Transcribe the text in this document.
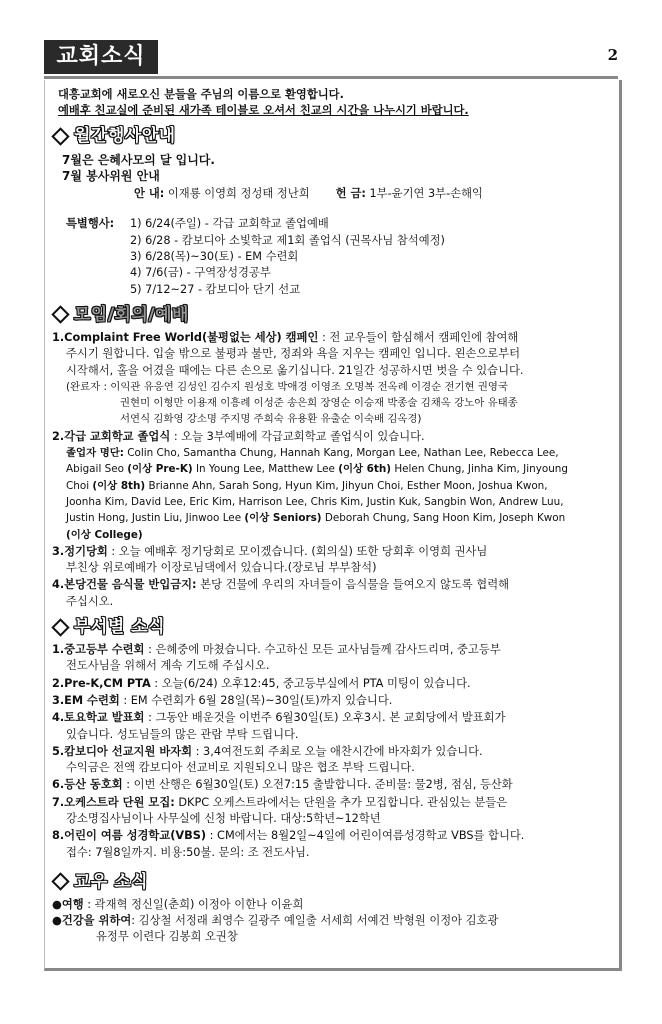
교회소식	2
대흥교회에 새로오신 분들을 주님의 이름으로 환영합니다.
예배후 친교실에 준비된 새가족 테이블로 오셔서 친교의 시간을 나누시기 바랍니다.
월간행사안내
7월은 은혜사모의 달 입니다.
7월 봉사위원 안내
안 내:
이재룡 이영희 정성태 정난희 헌 금:
1부-윤기연 3부-손해익
특별행사:	1) 6/24(주일) - 각급 교회학교 졸업예배
2) 6/28 - 캄보디아 소빛학교 제1회 졸업식 (권목사님 참석예정)
3) 6/28(목)~30(토) - EM 수련회
4) 7/6(금) - 구역장성경공부
5) 7/12~27 - 캄보디아 단기 선교
모임/회의/예배
1.Complaint Free World(불평없는 세상) 캠페인 : 전 교우들이 함심해서 캠페인에 참여해
주시기 원합니다. 입술 밖으로 불평과 불만, 정죄와 욕을 지우는 캠페인 입니다. 왼손으로부터
시작해서, 홀을 어겼을 때에는 다른 손으로 옮기십니다. 21일간 성공하시면 벗을 수 있습니다.
(완료자 : 이익관 유응연 김성인 김수지 원성호 박애경 이영조 오명복 전옥례 이경순 전기현 권영국
권현미 이형만 이용재 이흥례 이성준 송은희 장영순 이승재 박종술 김채옥 강노아 유태종
서연식 김화영 강소명 주지명 주희숙 유용환 유출순 이숙배 김옥경)
2.각급 교회학교 졸업식 : 오늘 3부예배에 각급교회학교 졸업식이 있습니다.
졸업자 명단: Colin Cho, Samantha Chung, Hannah Kang, Morgan Lee, Nathan Lee, Rebecca Lee,
Abigail Seo (이상 Pre-K) In Young Lee, Matthew Lee (이상 6th) Helen Chung, Jinha Kim, Jinyoung
Choi (이상 8th) Brianne Ahn, Sarah Song, Hyun Kim, Jihyun Choi, Esther Moon, Joshua Kwon,
Joonha Kim, David Lee, Eric Kim, Harrison Lee, Chris Kim, Justin Kuk, Sangbin Won, Andrew Luu,
Justin Hong, Justin Liu, Jinwoo Lee (이상 Seniors) Deborah Chung, Sang Hoon Kim, Joseph Kwon
(이상 College)
3.정기당회 : 오늘 예배후 정기당회로 모이겠습니다. (회의실) 또한 당회후 이영희 권사님
부친상 위로예배가 이장로님댁에서 있습니다.(장로님 부부참석)
4.본당건물 음식물 반입금지: 본당 건물에 우리의 자녀들이 음식물을 들여오지 않도록 협력해
주십시오.
부서별 소식
1.중고등부 수련회 : 은혜중에 마쳤습니다. 수고하신 모든 교사님들께 감사드리며, 중고등부
전도사님을 위해서 계속 기도해 주십시오.
2.Pre-K,CM PTA : 오늘(6/24) 오후12:45, 중고등부실에서 PTA 미팅이 있습니다.
3.EM 수련회 : EM 수련회가 6월 28일(목)~30일(토)까지 있습니다.
4.토요학교 발표회 : 그동안 배운것을 이번주 6월30일(토) 오후3시. 본 교회당에서 발표회가
있습니다. 성도님들의 많은 관람 부탁 드립니다.
5.캄보디아 선교지원 바자회 : 3,4여전도회 주최로 오늘 애찬시간에 바자회가 있습니다.
수익금은 전액 캄보디아 선교비로 지원되오니 많은 협조 부탁 드립니다.
6.등산 동호회 : 이번 산행은 6월30일(토) 오전7:15 출발합니다. 준비물: 물2병, 점심, 등산화
7.오케스트라 단원 모집: DKPC 오케스트라에서는 단원을 추가 모집합니다. 관심있는 분들은
강소명집사님이나 사무실에 신청 바랍니다. 대상:5학년~12학년
8.어린이 여름 성경학교(VBS) : CM에서는 8월2일~4일에 어린이여름성경학교 VBS를 합니다.
접수: 7월8일까지. 비용:50불. 문의: 조 전도사님.
교우 소식
●여행 : 곽재혁 정신일(춘희) 이정아 이한나 이윤희
●건강을 위하여: 김상철 서정래 최영수 길광주 예일출 서세희 서예건 박형원 이정아 김호광
유정무 이련다 김봉희 오권창
